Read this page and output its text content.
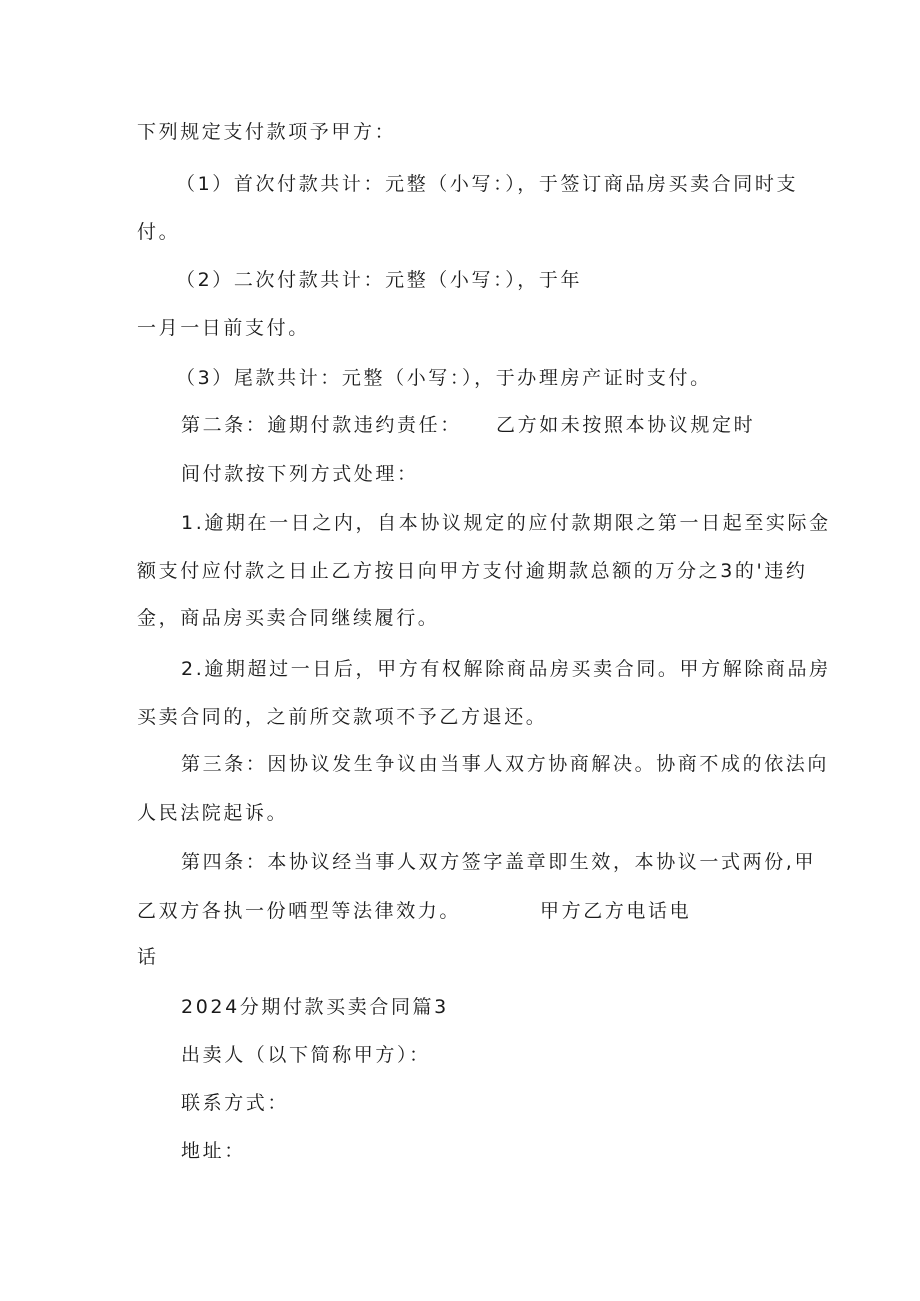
下列规定支付款项予甲方：

（1）首次付款共计：元整（小写：），于签订商品房买卖合同时支

付。

（2）二次付款共计：元整（小写：），于年

一月一日前支付。

（3）尾款共计：元整（小写：），于办理房产证时支付。

第二条：逾期付款违约责任： 乙方如未按照本协议规定时

间付款按下列方式处理：

1.逾期在一日之内，自本协议规定的应付款期限之第一日起至实际金

额支付应付款之日止乙方按日向甲方支付逾期款总额的万分之3的'违约

金，商品房买卖合同继续履行。

2.逾期超过一日后，甲方有权解除商品房买卖合同。甲方解除商品房

买卖合同的，之前所交款项不予乙方退还。

第三条：因协议发生争议由当事人双方协商解决。协商不成的依法向

人民法院起诉。

第四条：本协议经当事人双方签字盖章即生效，本协议一式两份,甲

乙双方各执一份哂型等法律效力。	甲方乙方电话电

话

2024分期付款买卖合同篇3

出卖人（以下简称甲方）：

联系方式：

地址：
